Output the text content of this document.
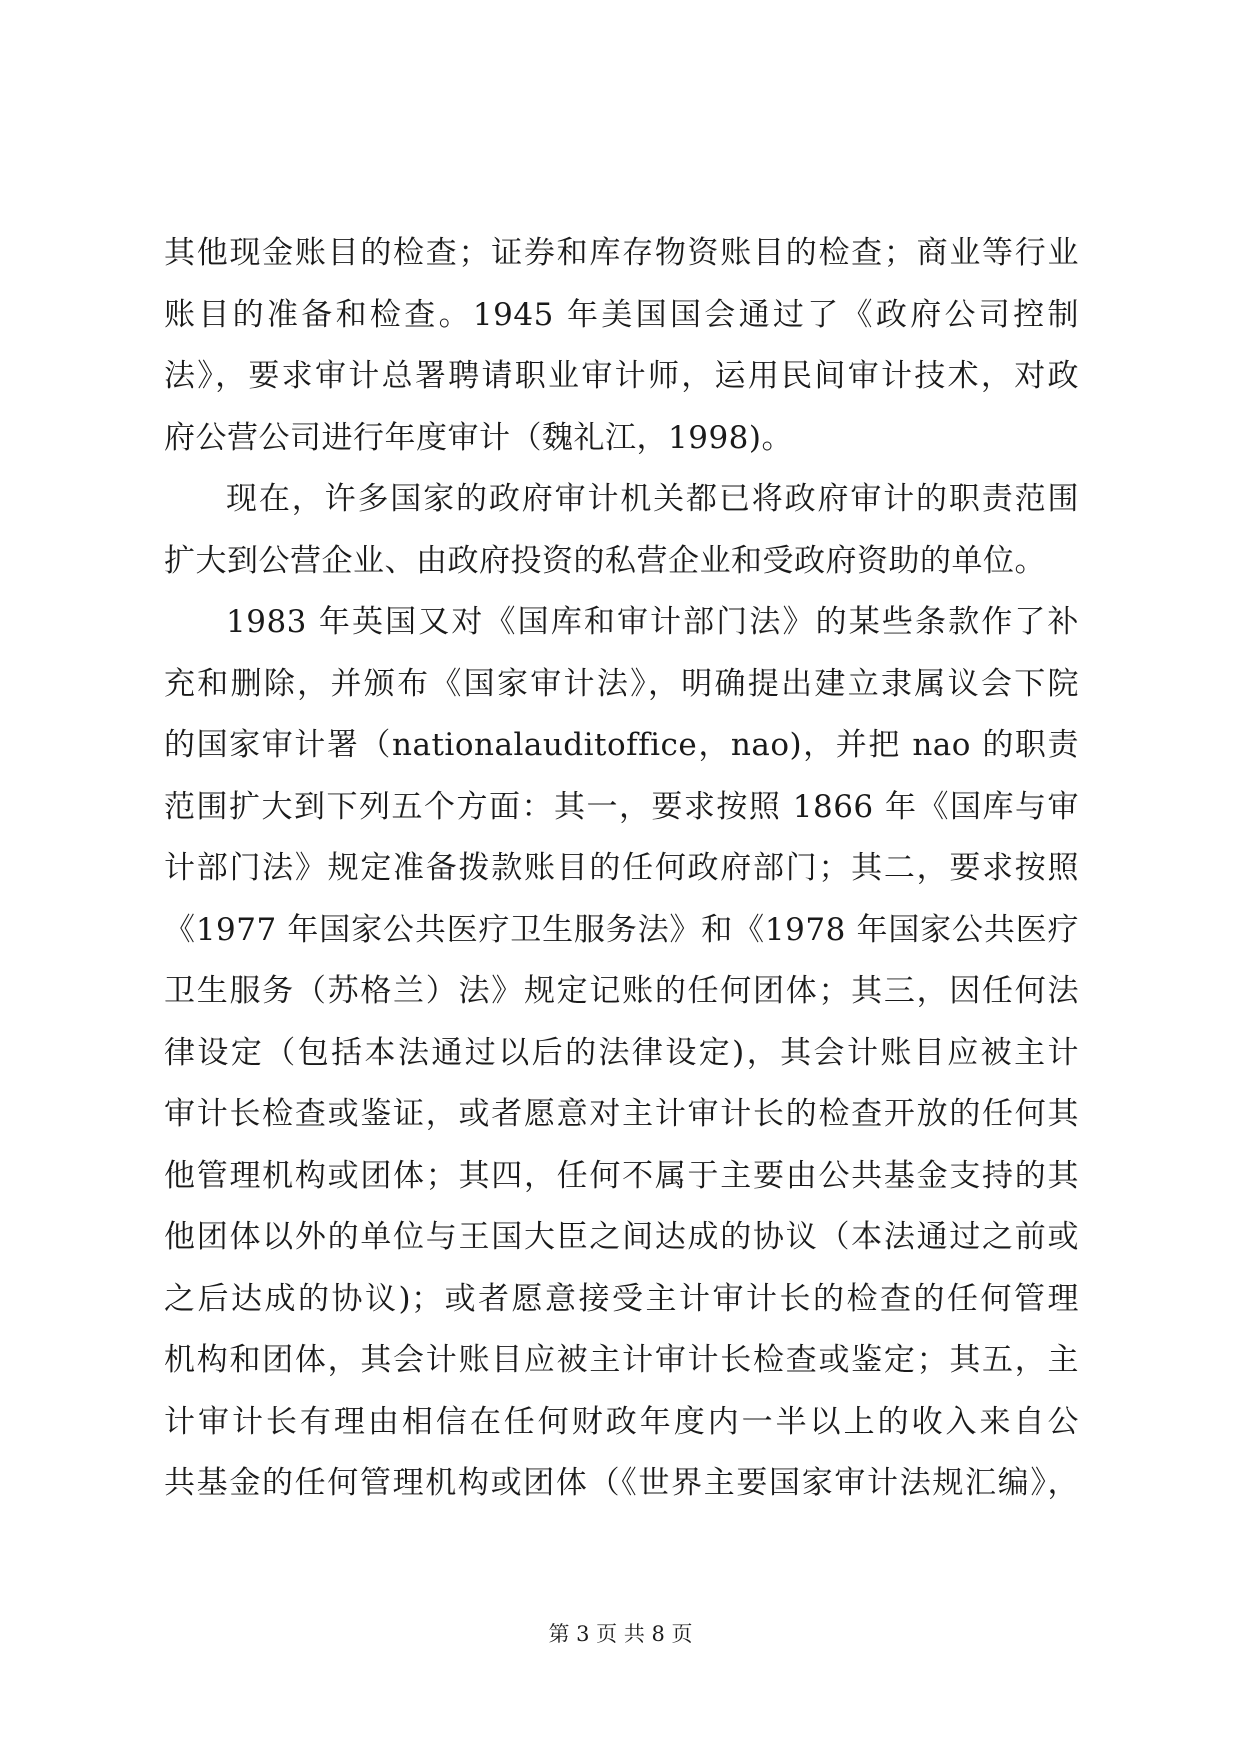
其他现金账目的检查；证券和库存物资账目的检查；商业等行业
账目的准备和检查。1945 年美国国会通过了《政府公司控制
法》，要求审计总署聘请职业审计师，运用民间审计技术，对政
府公营公司进行年度审计（魏礼江，1998)。
现在，许多国家的政府审计机关都已将政府审计的职责范围
扩大到公营企业、由政府投资的私营企业和受政府资助的单位。
1983 年英国又对《国库和审计部门法》的某些条款作了补
充和删除，并颁布《国家审计法》，明确提出建立隶属议会下院
的国家审计署（nationalauditoffice，nao)，并把 nao 的职责
范围扩大到下列五个方面：其一，要求按照 1866 年《国库与审
计部门法》规定准备拨款账目的任何政府部门；其二，要求按照
《1977 年国家公共医疗卫生服务法》和《1978 年国家公共医疗
卫生服务（苏格兰）法》规定记账的任何团体；其三，因任何法
律设定（包括本法通过以后的法律设定)，其会计账目应被主计
审计长检查或鉴证，或者愿意对主计审计长的检查开放的任何其
他管理机构或团体；其四，任何不属于主要由公共基金支持的其
他团体以外的单位与王国大臣之间达成的协议（本法通过之前或
之后达成的协议)；或者愿意接受主计审计长的检查的任何管理
机构和团体，其会计账目应被主计审计长检查或鉴定；其五，主
计审计长有理由相信在任何财政年度内一半以上的收入来自公
共基金的任何管理机构或团体（《世界主要国家审计法规汇编》，
第 3 页 共 8 页
